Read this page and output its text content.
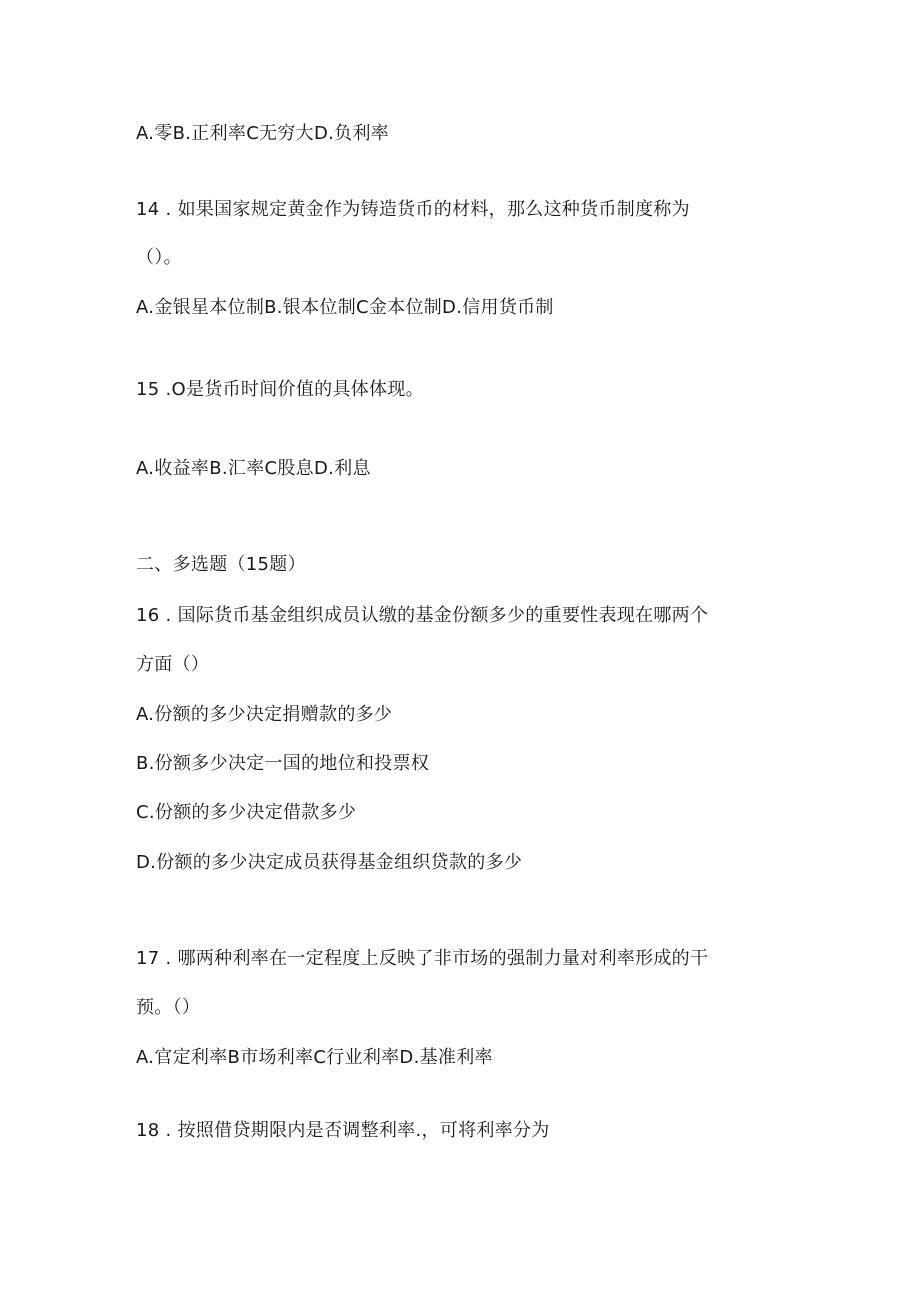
A.零B.正利率C无穷大D.负利率
14 . 如果国家规定黄金作为铸造货币的材料，那么这种货币制度称为
（）。
A.金银星本位制B.银本位制C金本位制D.信用货币制
15 .O是货币时间价值的具体体现。
A.收益率B.汇率C股息D.利息
二、多选题（15题）
16 . 国际货币基金组织成员认缴的基金份额多少的重要性表现在哪两个
方面（）
A.份额的多少决定捐赠款的多少
B.份额多少决定一国的地位和投票权
C.份额的多少决定借款多少
D.份额的多少决定成员获得基金组织贷款的多少
17 . 哪两种利率在一定程度上反映了非市场的强制力量对利率形成的干
预。（）
A.官定利率B市场利率C行业利率D.基准利率
18 . 按照借贷期限内是否调整利率.，可将利率分为
